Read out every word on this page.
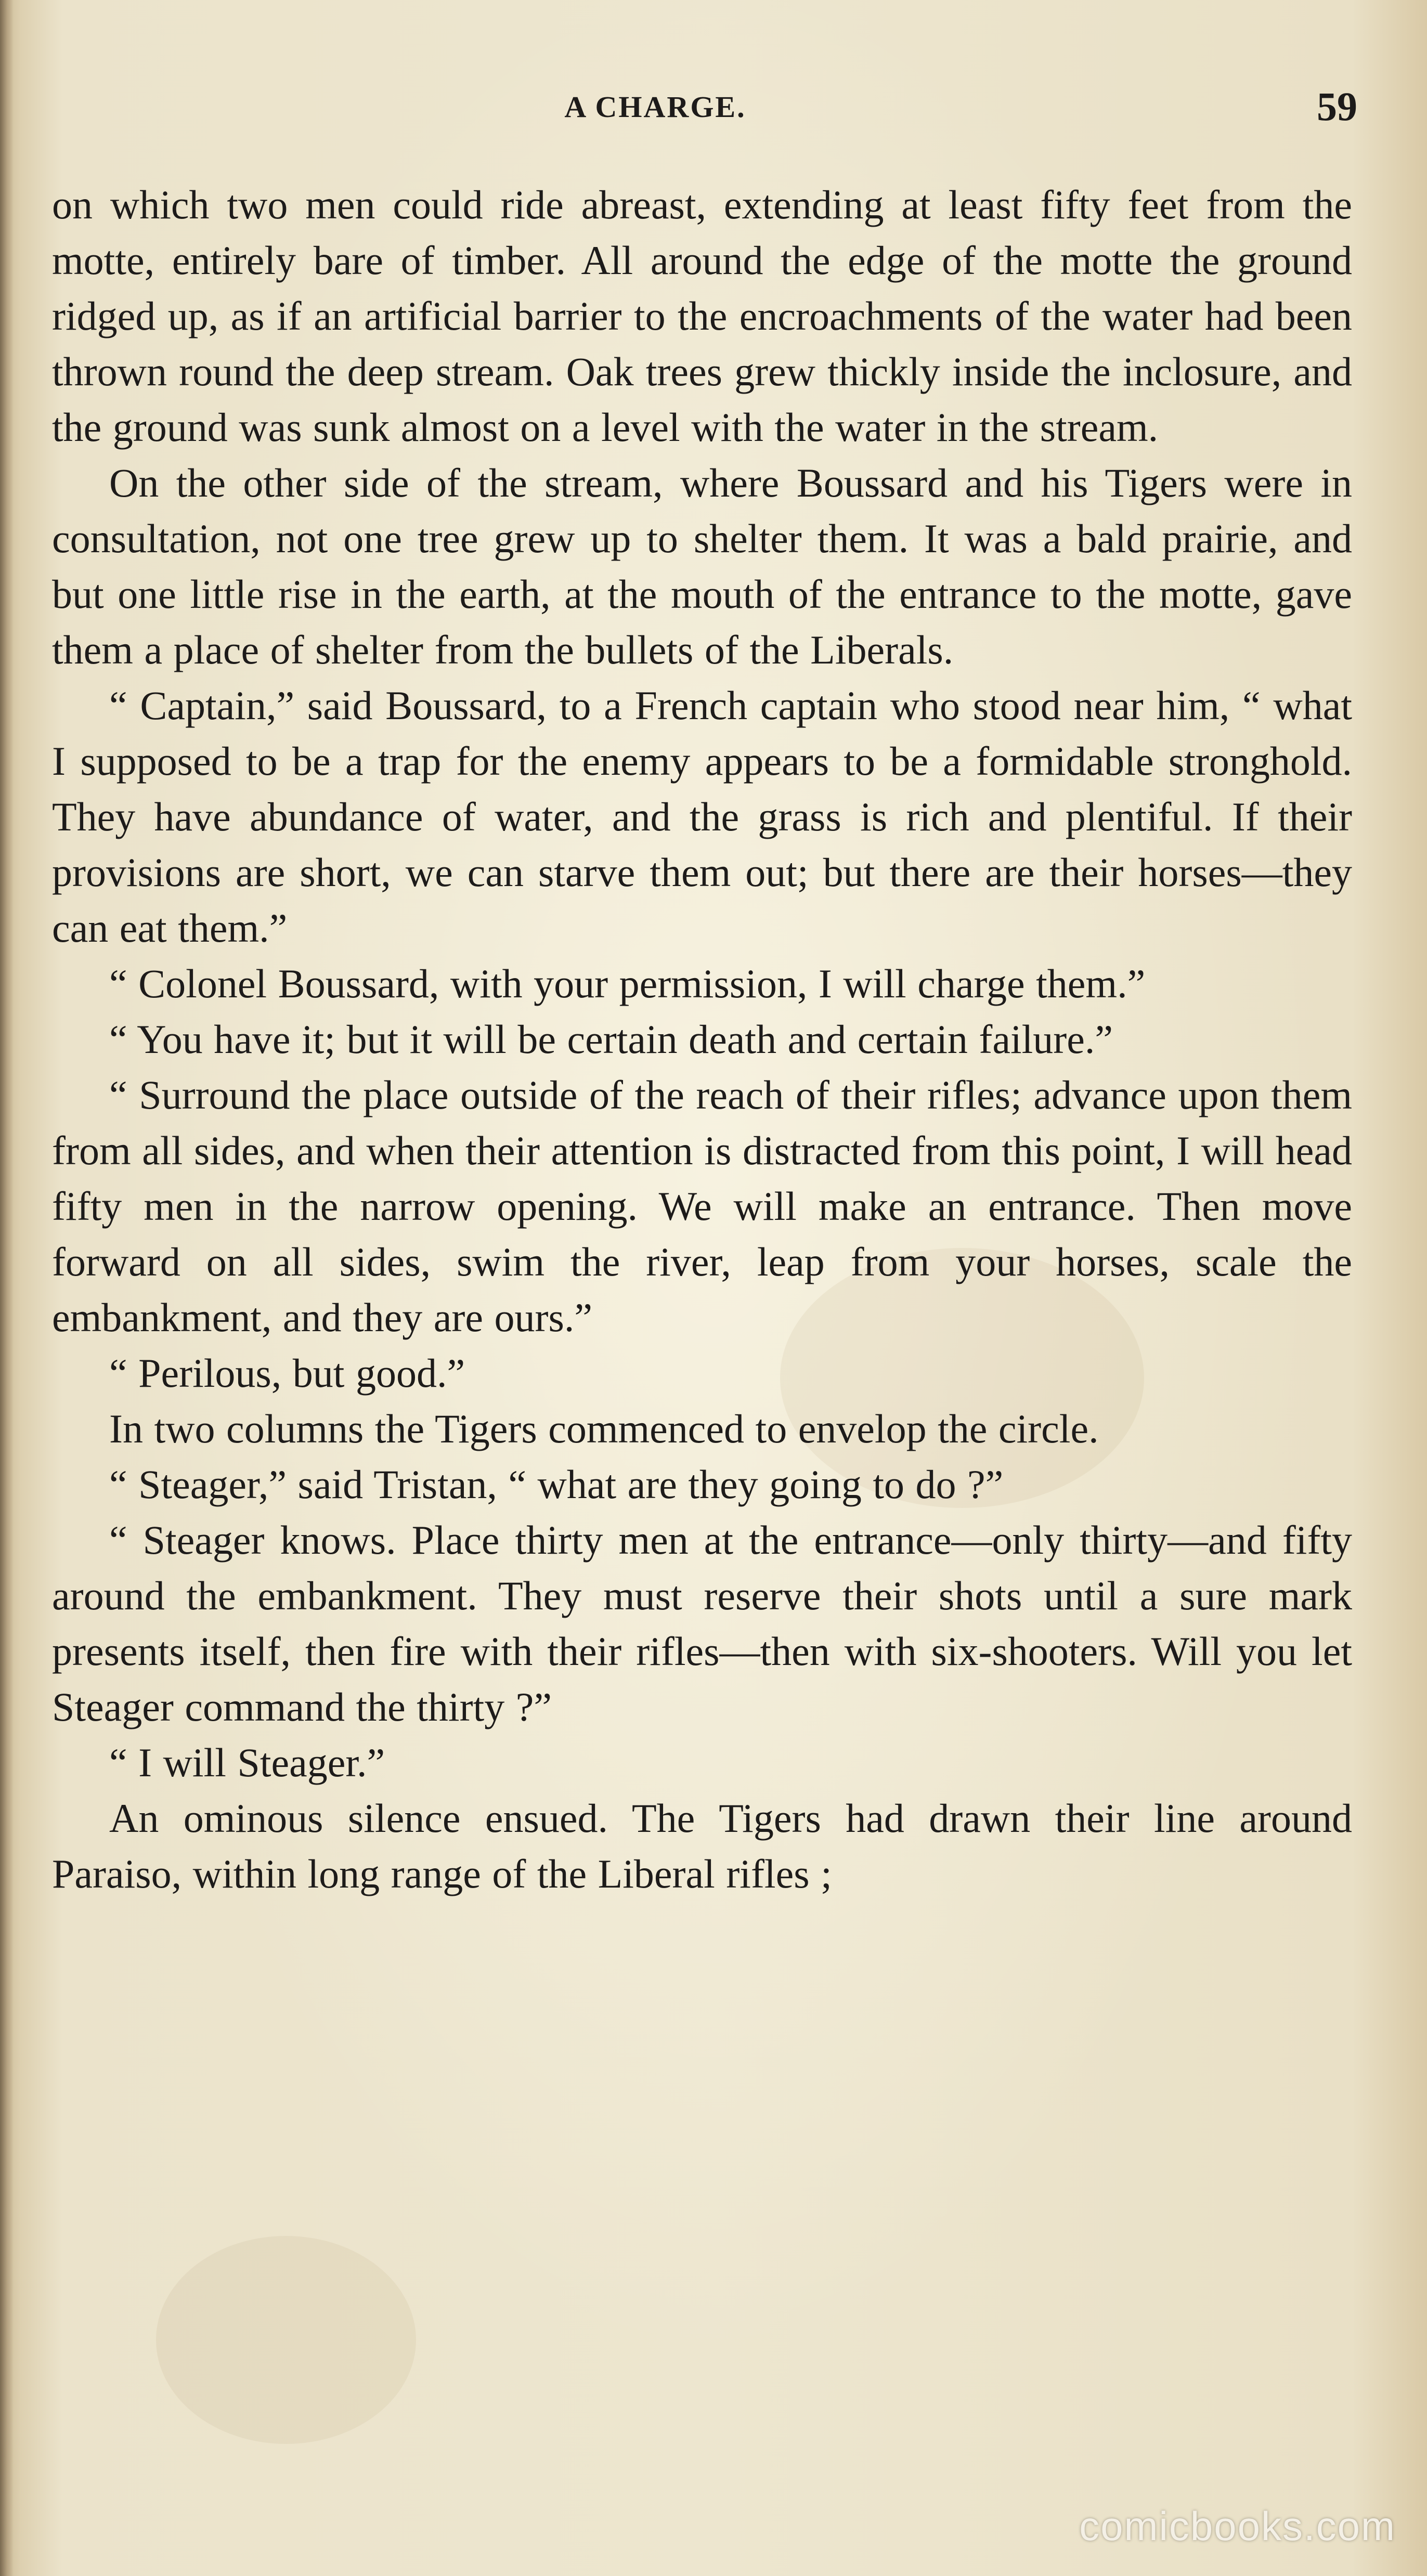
A CHARGE.	59

on which two men could ride abreast, extending at least fifty feet from the motte, entirely bare of timber. All around the edge of the motte the ground ridged up, as if an artificial barrier to the encroachments of the water had been thrown round the deep stream. Oak trees grew thickly inside the inclosure, and the ground was sunk almost on a level with the water in the stream.

On the other side of the stream, where Boussard and his Tigers were in consultation, not one tree grew up to shelter them. It was a bald prairie, and but one little rise in the earth, at the mouth of the entrance to the motte, gave them a place of shelter from the bullets of the Liberals.

“ Captain,” said Boussard, to a French captain who stood near him, “ what I supposed to be a trap for the enemy appears to be a formidable stronghold. They have abundance of water, and the grass is rich and plentiful. If their provisions are short, we can starve them out; but there are their horses—they can eat them.”

“ Colonel Boussard, with your permission, I will charge them.”

“ You have it; but it will be certain death and certain failure.”

“ Surround the place outside of the reach of their rifles; advance upon them from all sides, and when their attention is distracted from this point, I will head fifty men in the narrow opening. We will make an entrance. Then move forward on all sides, swim the river, leap from your horses, scale the embankment, and they are ours.”

“ Perilous, but good.”

In two columns the Tigers commenced to envelop the circle.

“ Steager,” said Tristan, “ what are they going to do ?”

“ Steager knows. Place thirty men at the entrance—only thirty—and fifty around the embankment. They must reserve their shots until a sure mark presents itself, then fire with their rifles—then with six-shooters. Will you let Steager command the thirty ?”

“ I will Steager.”

An ominous silence ensued. The Tigers had drawn their line around Paraiso, within long range of the Liberal rifles ;

comicbooks.com
